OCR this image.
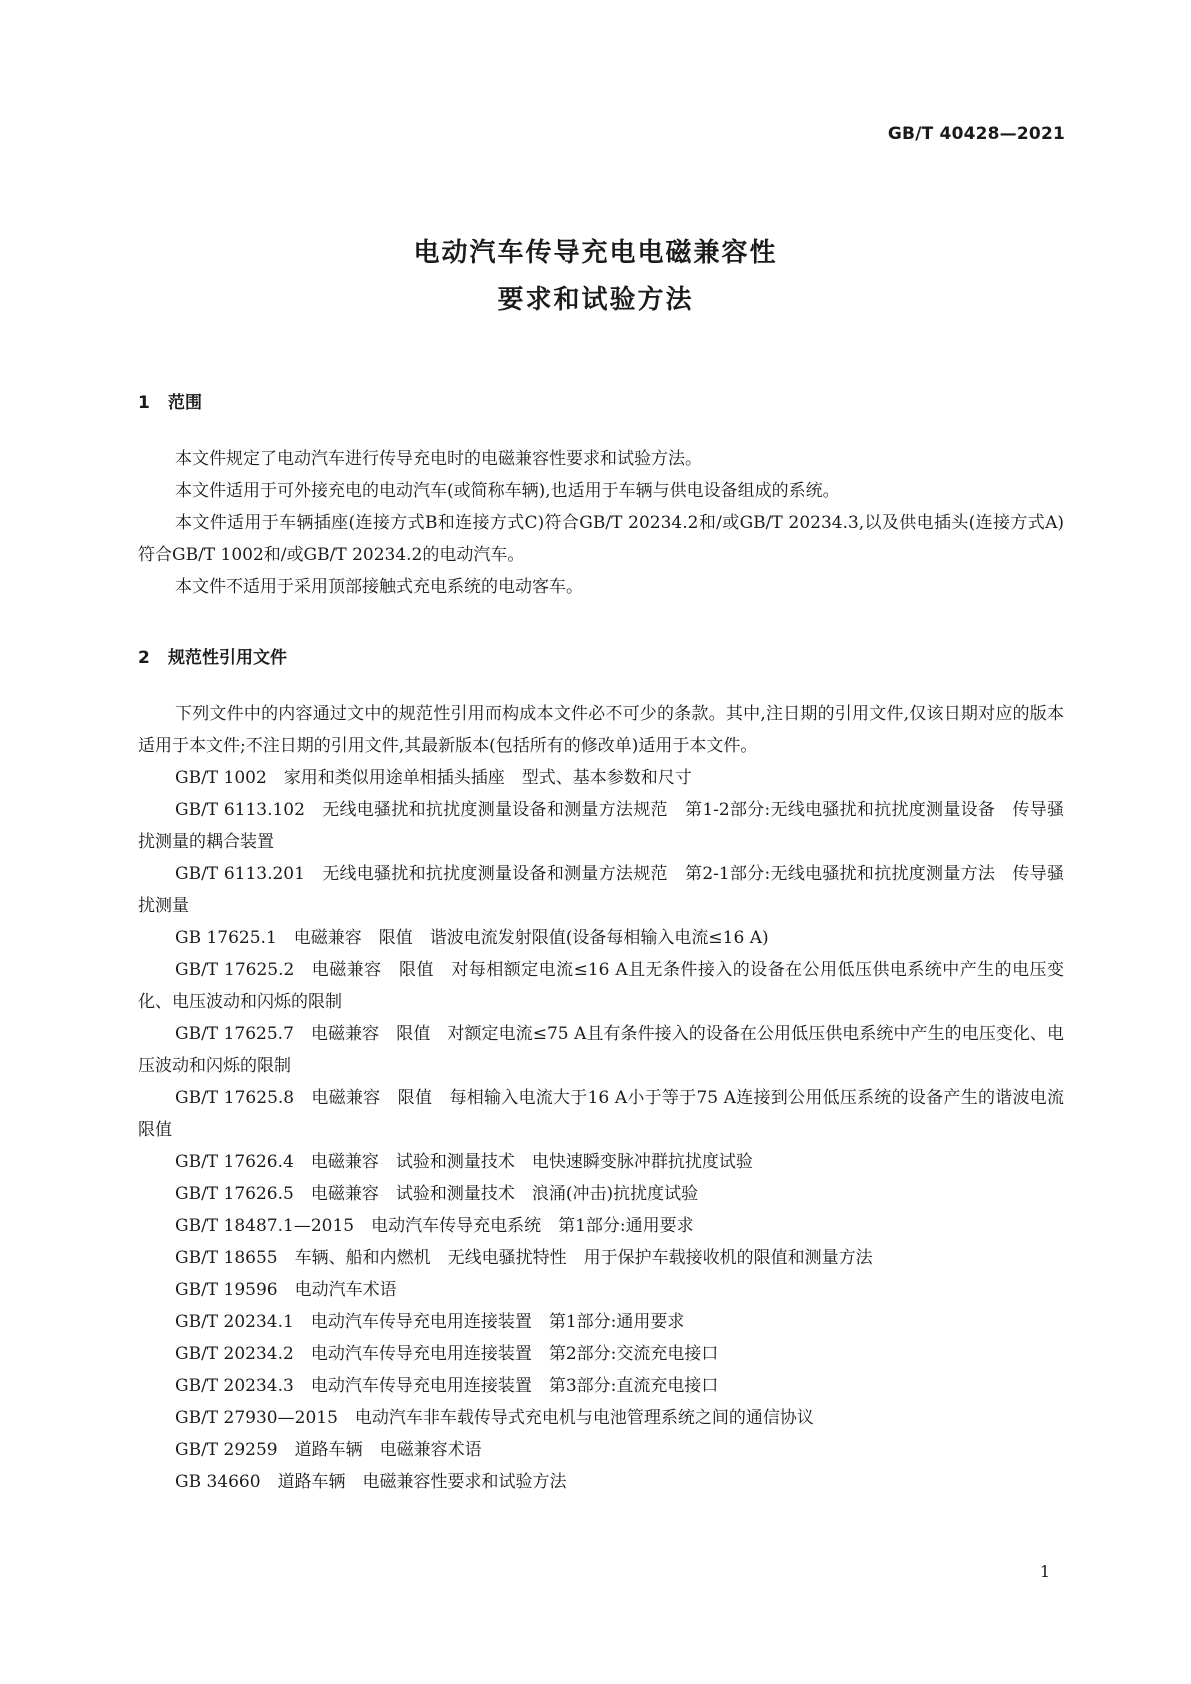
GB/T 40428—2021
电动汽车传导充电电磁兼容性
要求和试验方法
1 范围

本文件规定了电动汽车进行传导充电时的电磁兼容性要求和试验方法。

本文件适用于可外接充电的电动汽车(或简称车辆),也适用于车辆与供电设备组成的系统。

本文件适用于车辆插座(连接方式B和连接方式C)符合GB/T 20234.2和/或GB/T 20234.3,以及供电插头(连接方式A)符合GB/T 1002和/或GB/T 20234.2的电动汽车。

本文件不适用于采用顶部接触式充电系统的电动客车。

2 规范性引用文件

下列文件中的内容通过文中的规范性引用而构成本文件必不可少的条款。其中,注日期的引用文件,仅该日期对应的版本适用于本文件;不注日期的引用文件,其最新版本(包括所有的修改单)适用于本文件。

GB/T 1002 家用和类似用途单相插头插座　型式、基本参数和尺寸

GB/T 6113.102 无线电骚扰和抗扰度测量设备和测量方法规范　第1-2部分:无线电骚扰和抗扰度测量设备　传导骚扰测量的耦合装置

GB/T 6113.201 无线电骚扰和抗扰度测量设备和测量方法规范　第2-1部分:无线电骚扰和抗扰度测量方法　传导骚扰测量

GB 17625.1 电磁兼容　限值　谐波电流发射限值(设备每相输入电流≤16 A)

GB/T 17625.2 电磁兼容　限值　对每相额定电流≤16 A且无条件接入的设备在公用低压供电系统中产生的电压变化、电压波动和闪烁的限制

GB/T 17625.7 电磁兼容　限值　对额定电流≤75 A且有条件接入的设备在公用低压供电系统中产生的电压变化、电压波动和闪烁的限制

GB/T 17625.8 电磁兼容　限值　每相输入电流大于16 A小于等于75 A连接到公用低压系统的设备产生的谐波电流限值

GB/T 17626.4 电磁兼容　试验和测量技术　电快速瞬变脉冲群抗扰度试验

GB/T 17626.5 电磁兼容　试验和测量技术　浪涌(冲击)抗扰度试验

GB/T 18487.1—2015 电动汽车传导充电系统　第1部分:通用要求

GB/T 18655 车辆、船和内燃机　无线电骚扰特性　用于保护车载接收机的限值和测量方法

GB/T 19596 电动汽车术语

GB/T 20234.1 电动汽车传导充电用连接装置　第1部分:通用要求

GB/T 20234.2 电动汽车传导充电用连接装置　第2部分:交流充电接口

GB/T 20234.3 电动汽车传导充电用连接装置　第3部分:直流充电接口

GB/T 27930—2015 电动汽车非车载传导式充电机与电池管理系统之间的通信协议

GB/T 29259 道路车辆　电磁兼容术语

GB 34660 道路车辆　电磁兼容性要求和试验方法

1
